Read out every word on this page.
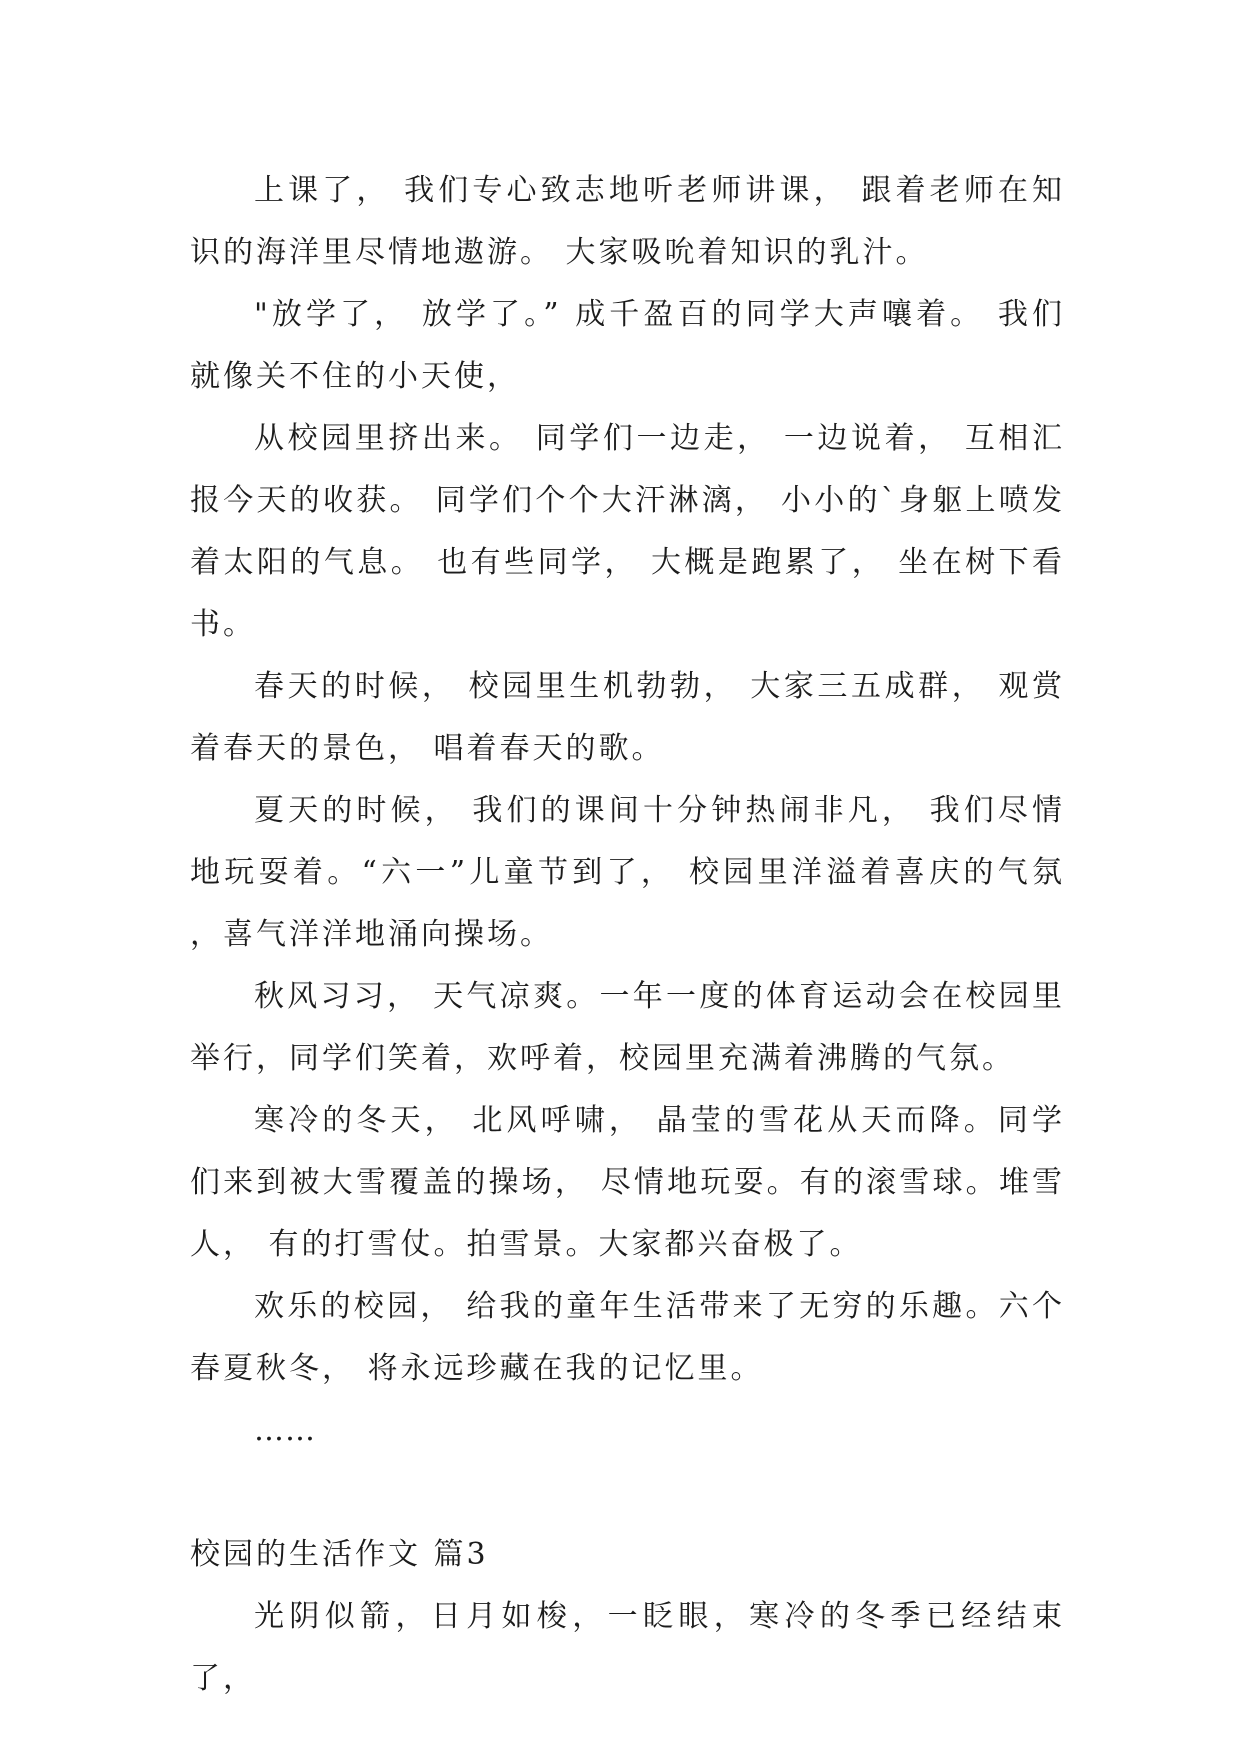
上课了， 我们专心致志地听老师讲课， 跟着老师在知识的海洋里尽情地遨游。 大家吸吮着知识的乳汁。

"放学了， 放学了。” 成千盈百的同学大声嚷着。 我们就像关不住的小天使，

从校园里挤出来。 同学们一边走， 一边说着， 互相汇报今天的收获。 同学们个个大汗淋漓， 小小的`身躯上喷发着太阳的气息。 也有些同学， 大概是跑累了， 坐在树下看书。

春天的时候， 校园里生机勃勃， 大家三五成群， 观赏着春天的景色， 唱着春天的歌。

夏天的时候， 我们的课间十分钟热闹非凡， 我们尽情地玩耍着。“六一”儿童节到了， 校园里洋溢着喜庆的气氛 ，喜气洋洋地涌向操场。

秋风习习， 天气凉爽。一年一度的体育运动会在校园里举行，同学们笑着，欢呼着，校园里充满着沸腾的气氛。

寒冷的冬天， 北风呼啸， 晶莹的雪花从天而降。同学们来到被大雪覆盖的操场， 尽情地玩耍。有的滚雪球。堆雪人， 有的打雪仗。拍雪景。大家都兴奋极了。

欢乐的校园， 给我的童年生活带来了无穷的乐趣。六个春夏秋冬， 将永远珍藏在我的记忆里。

……

校园的生活作文 篇3

光阴似箭，日月如梭，一眨眼，寒冷的冬季已经结束了，
